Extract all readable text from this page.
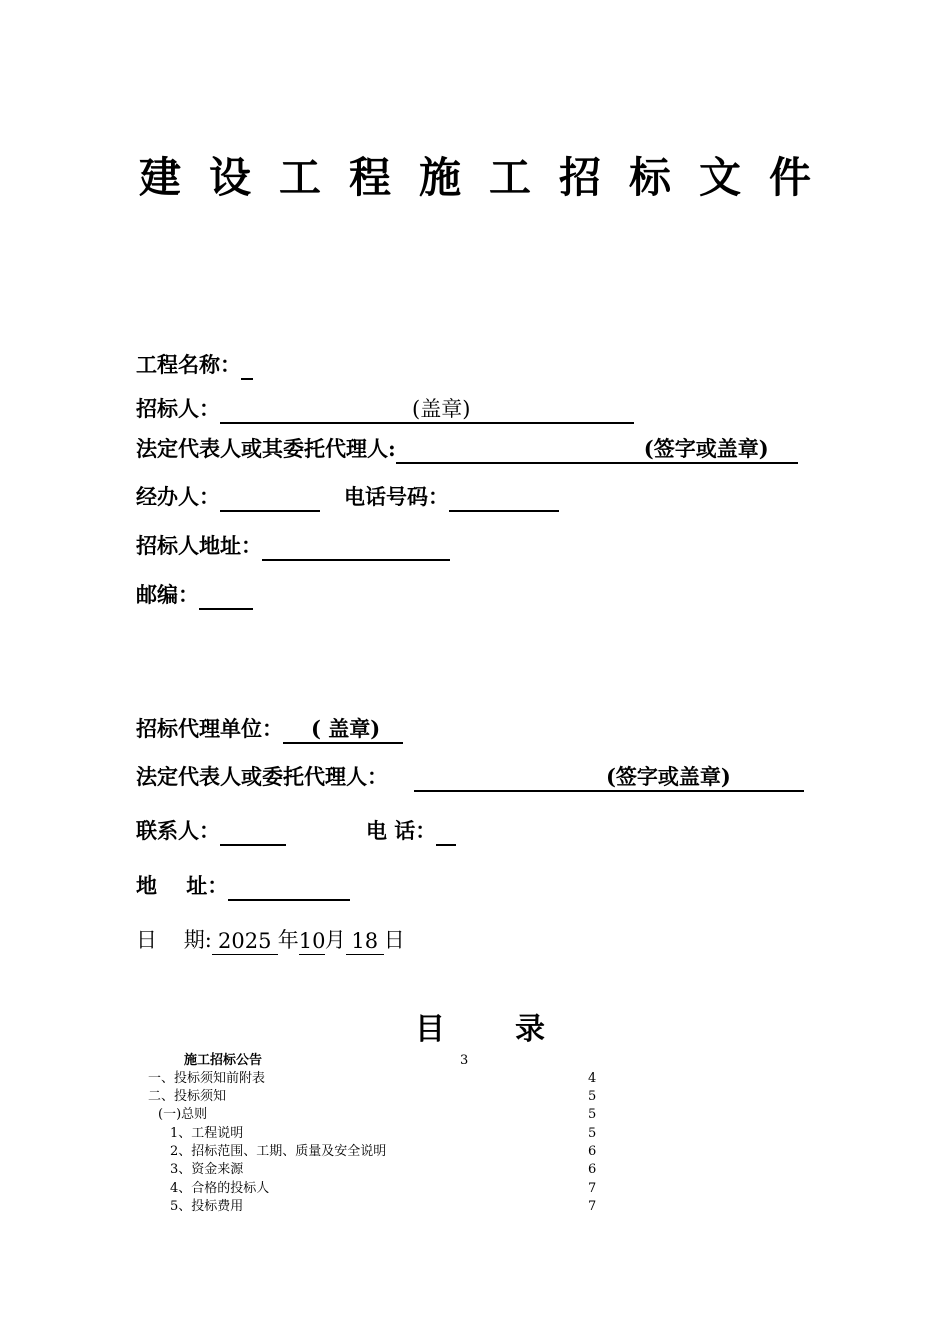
建设工程施工招标文件
工程名称：
招标人：	(盖章)
法定代表人或其委托代理人:	(签字或盖章)
经办人：	电话号码：
招标人地址：
邮编：
招标代理单位： ( 盖章)
法定代表人或委托代理人：	(签字或盖章)
联系人：	电 话：
地    址：
日    期: 2025 年10月 18 日
目录
施工招标公告	3
一、投标须知前附表	4
二、投标须知	5
(一)总则	5
1、工程说明	5
2、招标范围、工期、质量及安全说明	6
3、资金来源	6
4、合格的投标人	7
5、投标费用	7
